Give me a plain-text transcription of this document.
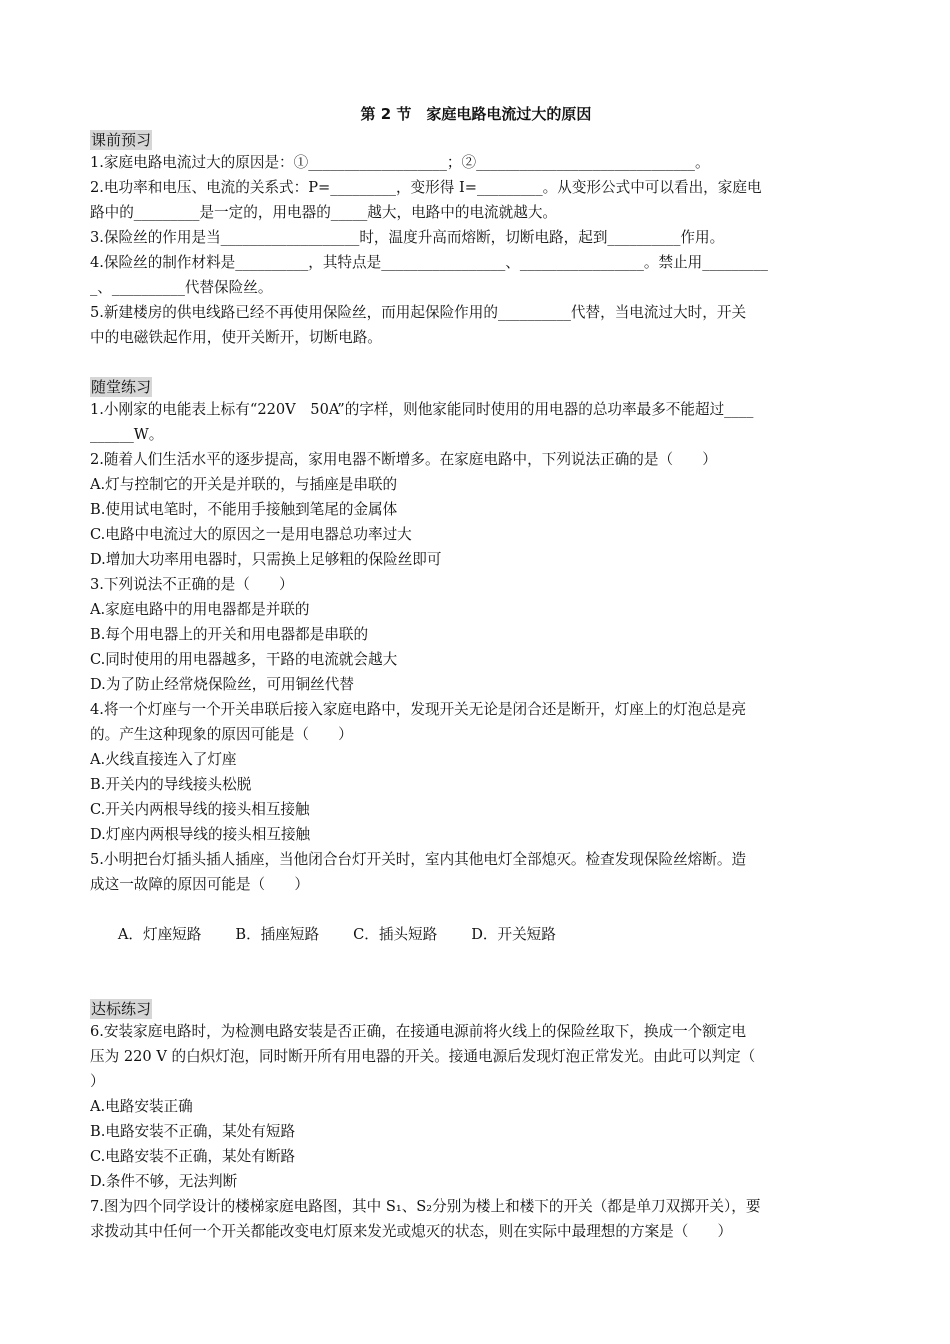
第 2 节　家庭电路电流过大的原因
课前预习
1.家庭电路电流过大的原因是：①___________________；②______________________________。
2.电功率和电压、电流的关系式：P=_________，变形得 I=_________。从变形公式中可以看出，家庭电
路中的_________是一定的，用电器的_____越大，电路中的电流就越大。
3.保险丝的作用是当___________________时，温度升高而熔断，切断电路，起到__________作用。
4.保险丝的制作材料是__________，其特点是_________________、_________________。禁止用_________
_、__________代替保险丝。
5.新建楼房的供电线路已经不再使用保险丝，而用起保险作用的__________代替，当电流过大时，开关
中的电磁铁起作用，使开关断开，切断电路。
随堂练习
1.小刚家的电能表上标有“220V　50A”的字样，则他家能同时使用的用电器的总功率最多不能超过____
______W。
2.随着人们生活水平的逐步提高，家用电器不断增多。在家庭电路中，下列说法正确的是（　　）
A.灯与控制它的开关是并联的，与插座是串联的
B.使用试电笔时，不能用手接触到笔尾的金属体
C.电路中电流过大的原因之一是用电器总功率过大
D.增加大功率用电器时，只需换上足够粗的保险丝即可
3.下列说法不正确的是（　　）
A.家庭电路中的用电器都是并联的
B.每个用电器上的开关和用电器都是串联的
C.同时使用的用电器越多，干路的电流就会越大
D.为了防止经常烧保险丝，可用铜丝代替
4.将一个灯座与一个开关串联后接入家庭电路中，发现开关无论是闭合还是断开，灯座上的灯泡总是亮
的。产生这种现象的原因可能是（　　）
A.火线直接连入了灯座
B.开关内的导线接头松脱
C.开关内两根导线的接头相互接触
D.灯座内两根导线的接头相互接触
5.小明把台灯插头插人插座，当他闭合台灯开关时，室内其他电灯全部熄灭。检查发现保险丝熔断。造
成这一故障的原因可能是（　　）

A．灯座短路 B．插座短路 C．插头短路 D．开关短路

达标练习
6.安装家庭电路时，为检测电路安装是否正确，在接通电源前将火线上的保险丝取下，换成一个额定电
压为 220 V 的白炽灯泡，同时断开所有用电器的开关。接通电源后发现灯泡正常发光。由此可以判定（
）
A.电路安装正确
B.电路安装不正确，某处有短路
C.电路安装不正确，某处有断路
D.条件不够，无法判断
7.图为四个同学设计的楼梯家庭电路图，其中 S₁、S₂分别为楼上和楼下的开关（都是单刀双掷开关），要
求拨动其中任何一个开关都能改变电灯原来发光或熄灭的状态，则在实际中最理想的方案是（　　）
